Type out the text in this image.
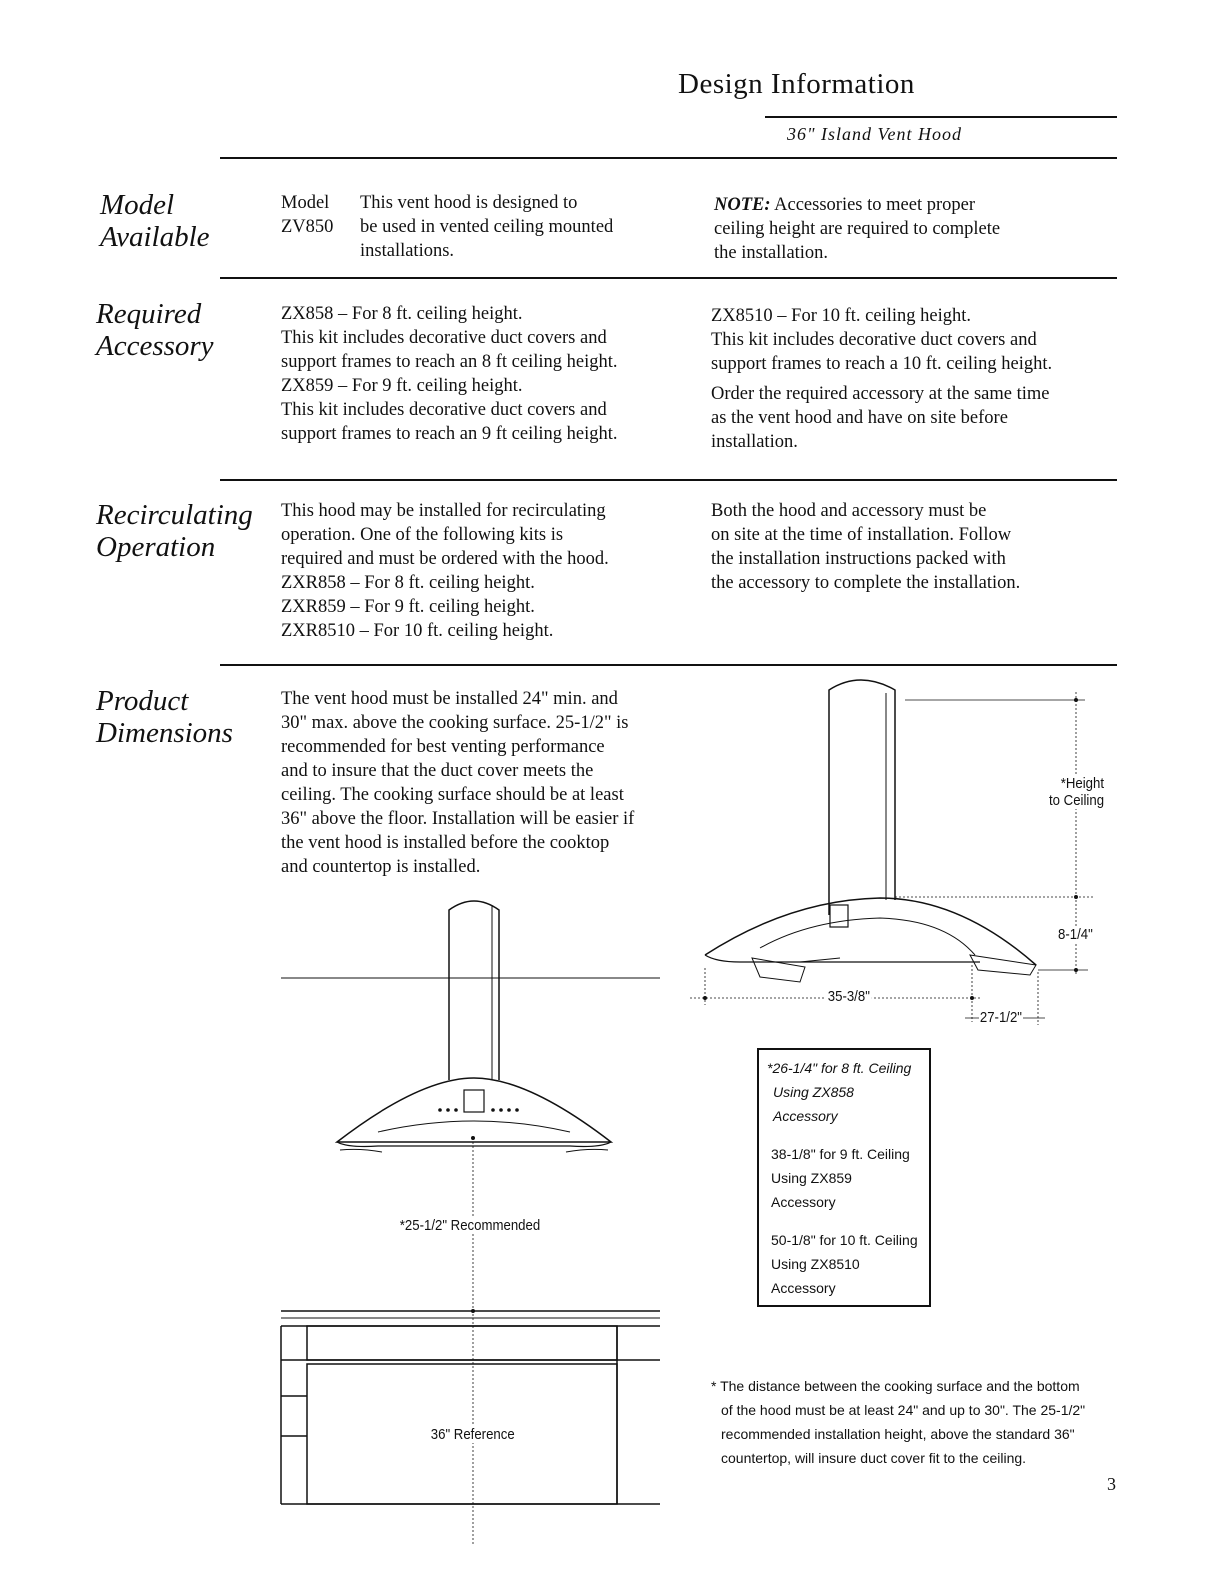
Design Information
36" Island Vent Hood
Model
Available

Model

ZV850

This vent hood is designed to

be used in vented ceiling mounted

installations.

NOTE: Accessories to meet proper

ceiling height are required to complete

the installation.

Required
Accessory

ZX858 – For 8 ft. ceiling height.

This kit includes decorative duct covers and

support frames to reach an 8 ft ceiling height.

ZX859 – For 9 ft. ceiling height.

This kit includes decorative duct covers and

support frames to reach an 9 ft ceiling height.

ZX8510 – For 10 ft. ceiling height.

This kit includes decorative duct covers and

support frames to reach a 10 ft. ceiling height.

Order the required accessory at the same time

as the vent hood and have on site before

installation.

Recirculating
Operation

This hood may be installed for recirculating

operation. One of the following kits is

required and must be ordered with the hood.

ZXR858 – For 8 ft. ceiling height.

ZXR859 – For 9 ft. ceiling height.

ZXR8510 – For 10 ft. ceiling height.

Both the hood and accessory must be

on site at the time of installation. Follow

the installation instructions packed with

the accessory to complete the installation.

Product
Dimensions

The vent hood must be installed 24" min. and

30" max. above the cooking surface. 25-1/2" is

recommended for best venting performance

and to insure that the duct cover meets the

ceiling. The cooking surface should be at least

36" above the floor. Installation will be easier if

the vent hood is installed before the cooktop

and countertop is installed.

*25-1/2" Recommended
36" Reference
*Height
to Ceiling
8-1/4"
35-3/8"
27-1/2"

*26-1/4" for 8 ft. Ceiling

Using ZX858 Accessory

38-1/8" for 9 ft. Ceiling

Using ZX859 Accessory

50-1/8" for 10 ft. Ceiling

Using ZX8510 Accessory

* The distance between the cooking surface and the bottom

of the hood must be at least 24" and up to 30". The 25-1/2"

recommended installation height, above the standard 36"

countertop, will insure duct cover fit to the ceiling.

3
